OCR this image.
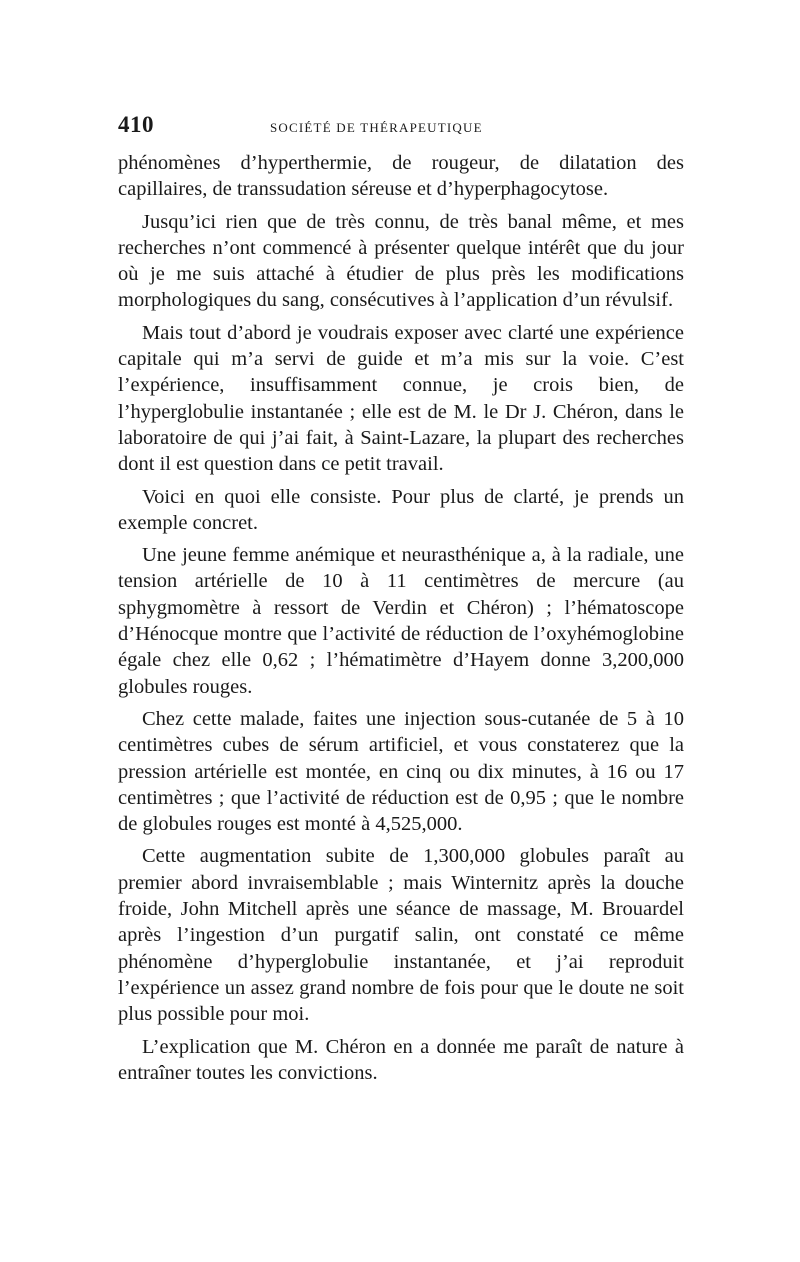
410	SOCIÉTÉ DE THÉRAPEUTIQUE

phénomènes d’hyperthermie, de rougeur, de dilatation des capillaires, de transsudation séreuse et d’hyperphagocytose.

Jusqu’ici rien que de très connu, de très banal même, et mes recherches n’ont commencé à présenter quelque intérêt que du jour où je me suis attaché à étudier de plus près les modifications morphologiques du sang, consécutives à l’application d’un révulsif.

Mais tout d’abord je voudrais exposer avec clarté une expérience capitale qui m’a servi de guide et m’a mis sur la voie. C’est l’expérience, insuffisamment connue, je crois bien, de l’hyperglobulie instantanée ; elle est de M. le Dr J. Chéron, dans le laboratoire de qui j’ai fait, à Saint-Lazare, la plupart des recherches dont il est question dans ce petit travail.

Voici en quoi elle consiste. Pour plus de clarté, je prends un exemple concret.

Une jeune femme anémique et neurasthénique a, à la radiale, une tension artérielle de 10 à 11 centimètres de mercure (au sphygmomètre à ressort de Verdin et Chéron) ; l’hématoscope d’Hénocque montre que l’activité de réduction de l’oxyhémoglobine égale chez elle 0,62 ; l’hématimètre d’Hayem donne 3,200,000 globules rouges.

Chez cette malade, faites une injection sous-cutanée de 5 à 10 centimètres cubes de sérum artificiel, et vous constaterez que la pression artérielle est montée, en cinq ou dix minutes, à 16 ou 17 centimètres ; que l’activité de réduction est de 0,95 ; que le nombre de globules rouges est monté à 4,525,000.

Cette augmentation subite de 1,300,000 globules paraît au premier abord invraisemblable ; mais Winternitz après la douche froide, John Mitchell après une séance de massage, M. Brouardel après l’ingestion d’un purgatif salin, ont constaté ce même phénomène d’hyperglobulie instantanée, et j’ai reproduit l’expérience un assez grand nombre de fois pour que le doute ne soit plus possible pour moi.

L’explication que M. Chéron en a donnée me paraît de nature à entraîner toutes les convictions.
